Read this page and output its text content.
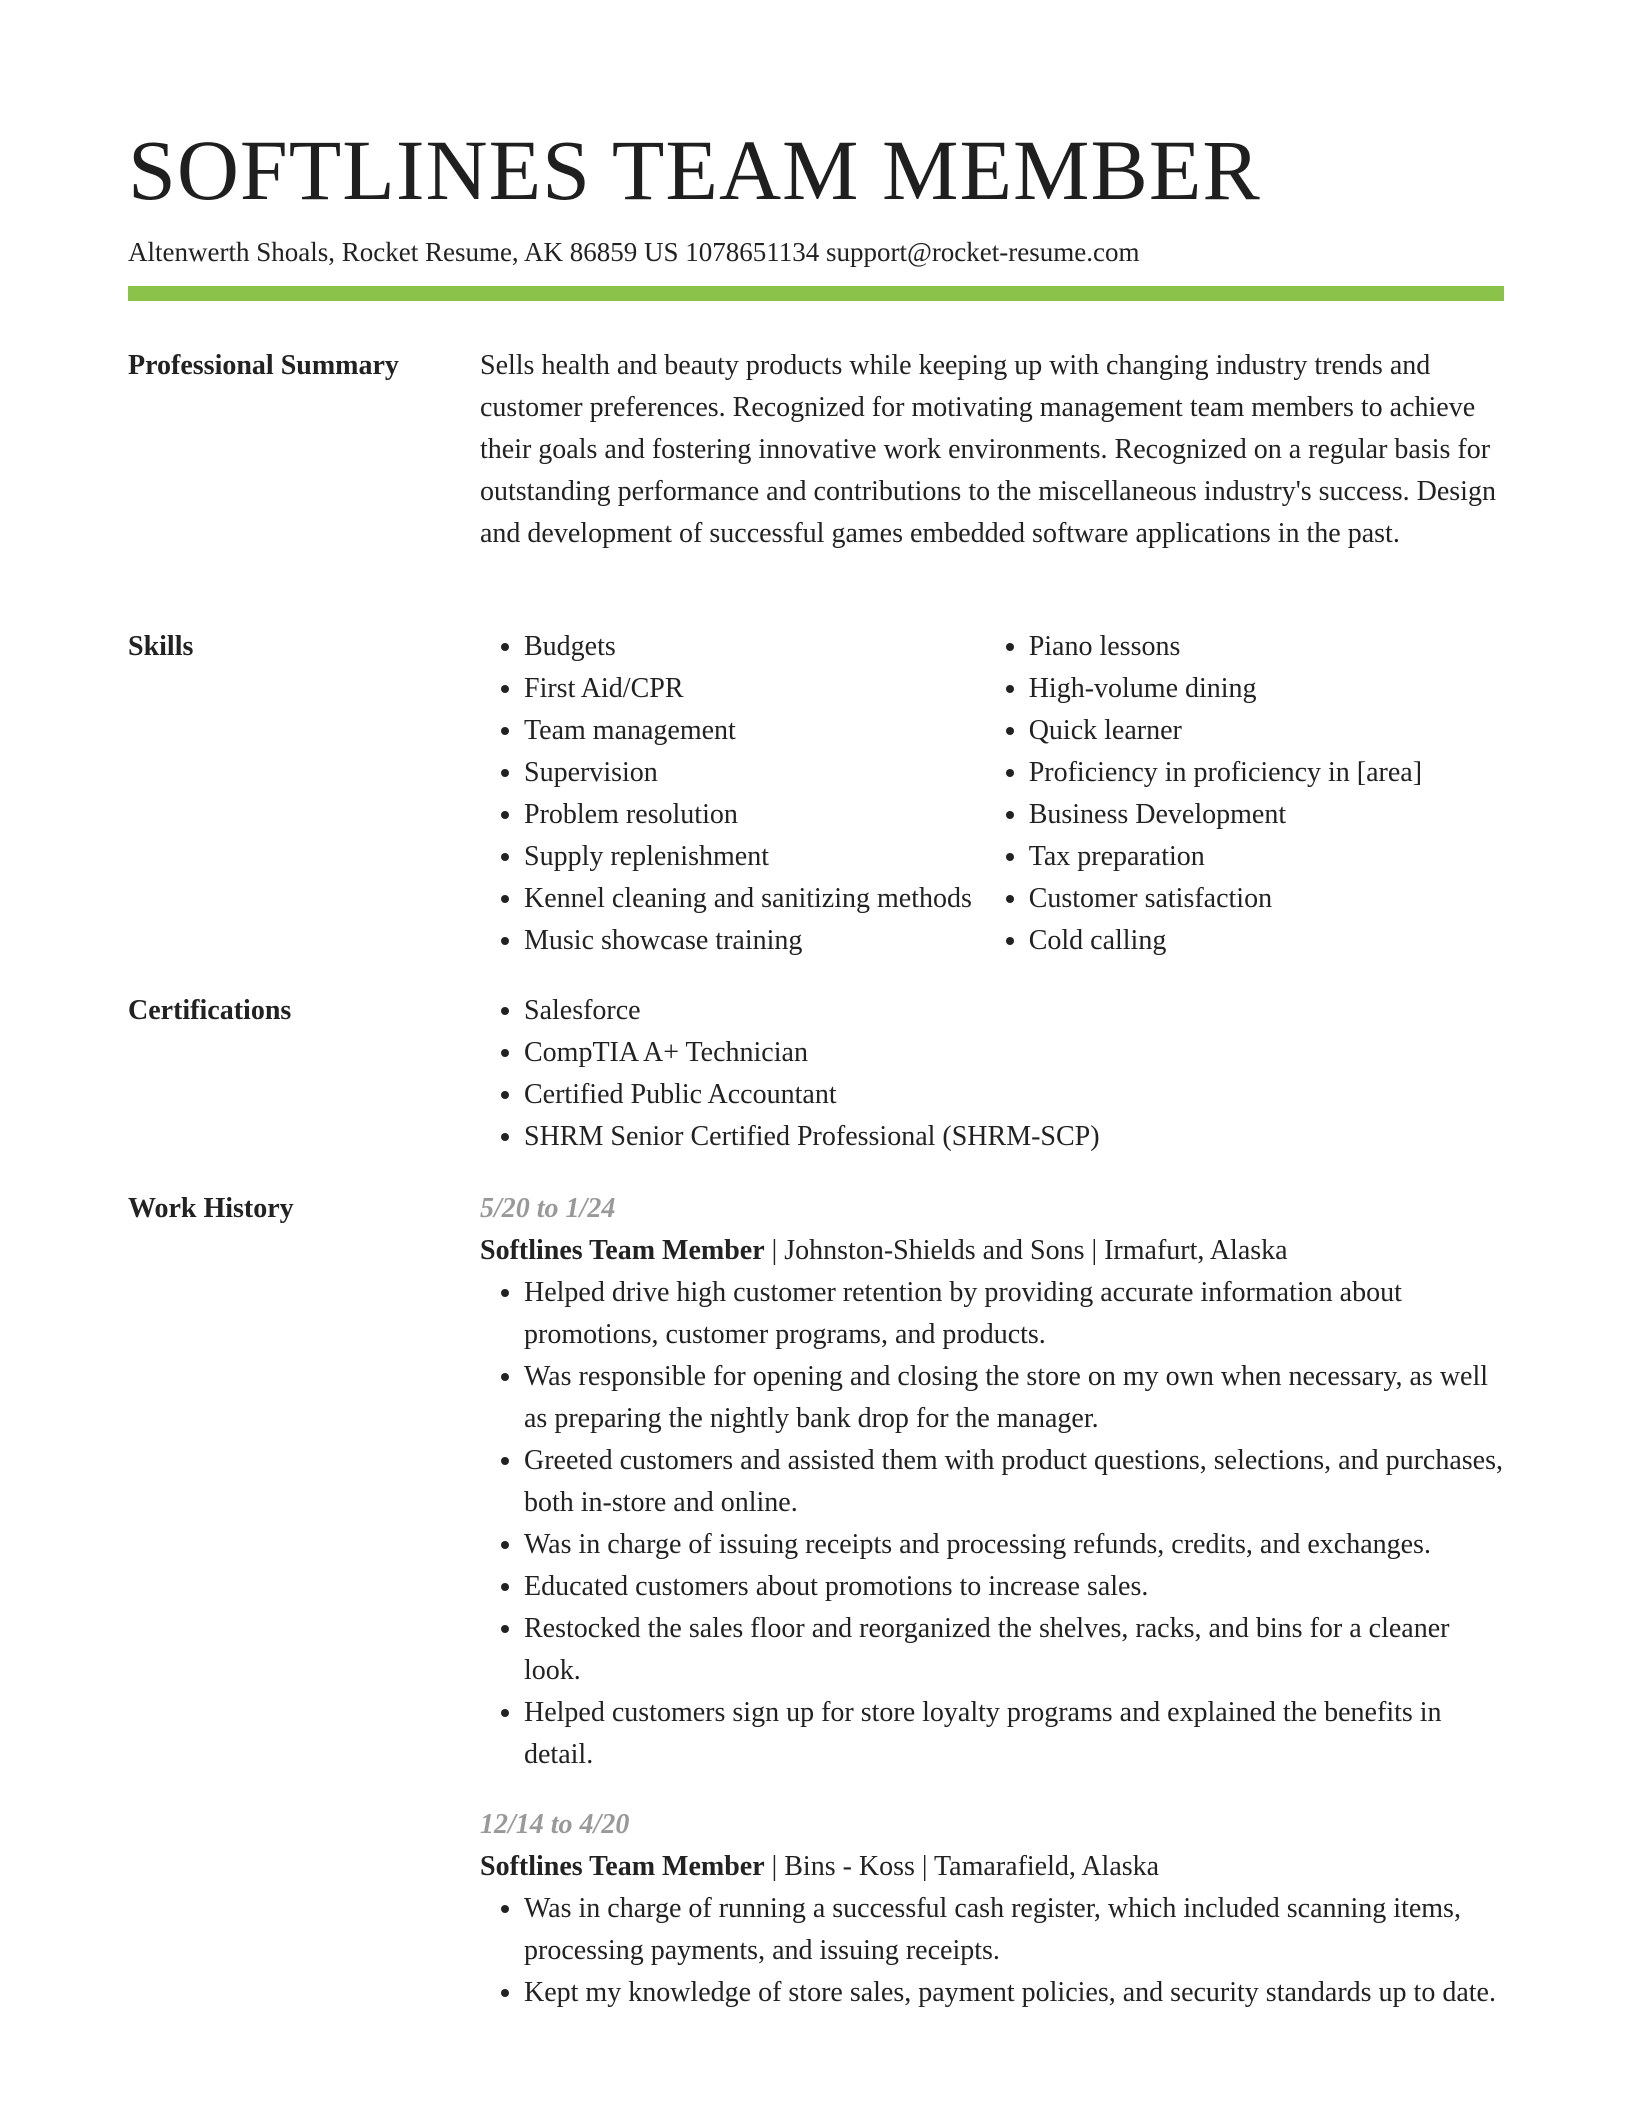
SOFTLINES TEAM MEMBER
Altenwerth Shoals, Rocket Resume, AK 86859 US 1078651134 support@rocket-resume.com
Professional Summary	Sells health and beauty products while keeping up with changing industry trends and customer preferences. Recognized for motivating management team members to achieve their goals and fostering innovative work environments. Recognized on a regular basis for outstanding performance and contributions to the miscellaneous industry's success. Design and development of successful games embedded software applications in the past.

Skills	• Budgets
• First Aid/CPR
• Team management
• Supervision
• Problem resolution
• Supply replenishment
• Kennel cleaning and sanitizing methods
• Music showcase training
• Piano lessons
• High-volume dining
• Quick learner
• Proficiency in proficiency in [area]
• Business Development
• Tax preparation
• Customer satisfaction
• Cold calling
Certifications	• Salesforce
• CompTIA A+ Technician
• Certified Public Accountant
• SHRM Senior Certified Professional (SHRM-SCP)
Work History	5/20 to 1/24
Softlines Team Member | Johnston-Shields and Sons | Irmafurt, Alaska
• Helped drive high customer retention by providing accurate information about promotions, customer programs, and products.
• Was responsible for opening and closing the store on my own when necessary, as well as preparing the nightly bank drop for the manager.
• Greeted customers and assisted them with product questions, selections, and purchases, both in-store and online.
• Was in charge of issuing receipts and processing refunds, credits, and exchanges.
• Educated customers about promotions to increase sales.
• Restocked the sales floor and reorganized the shelves, racks, and bins for a cleaner look.
• Helped customers sign up for store loyalty programs and explained the benefits in detail.
12/14 to 4/20
Softlines Team Member | Bins - Koss | Tamarafield, Alaska
• Was in charge of running a successful cash register, which included scanning items, processing payments, and issuing receipts.
• Kept my knowledge of store sales, payment policies, and security standards up to date.
